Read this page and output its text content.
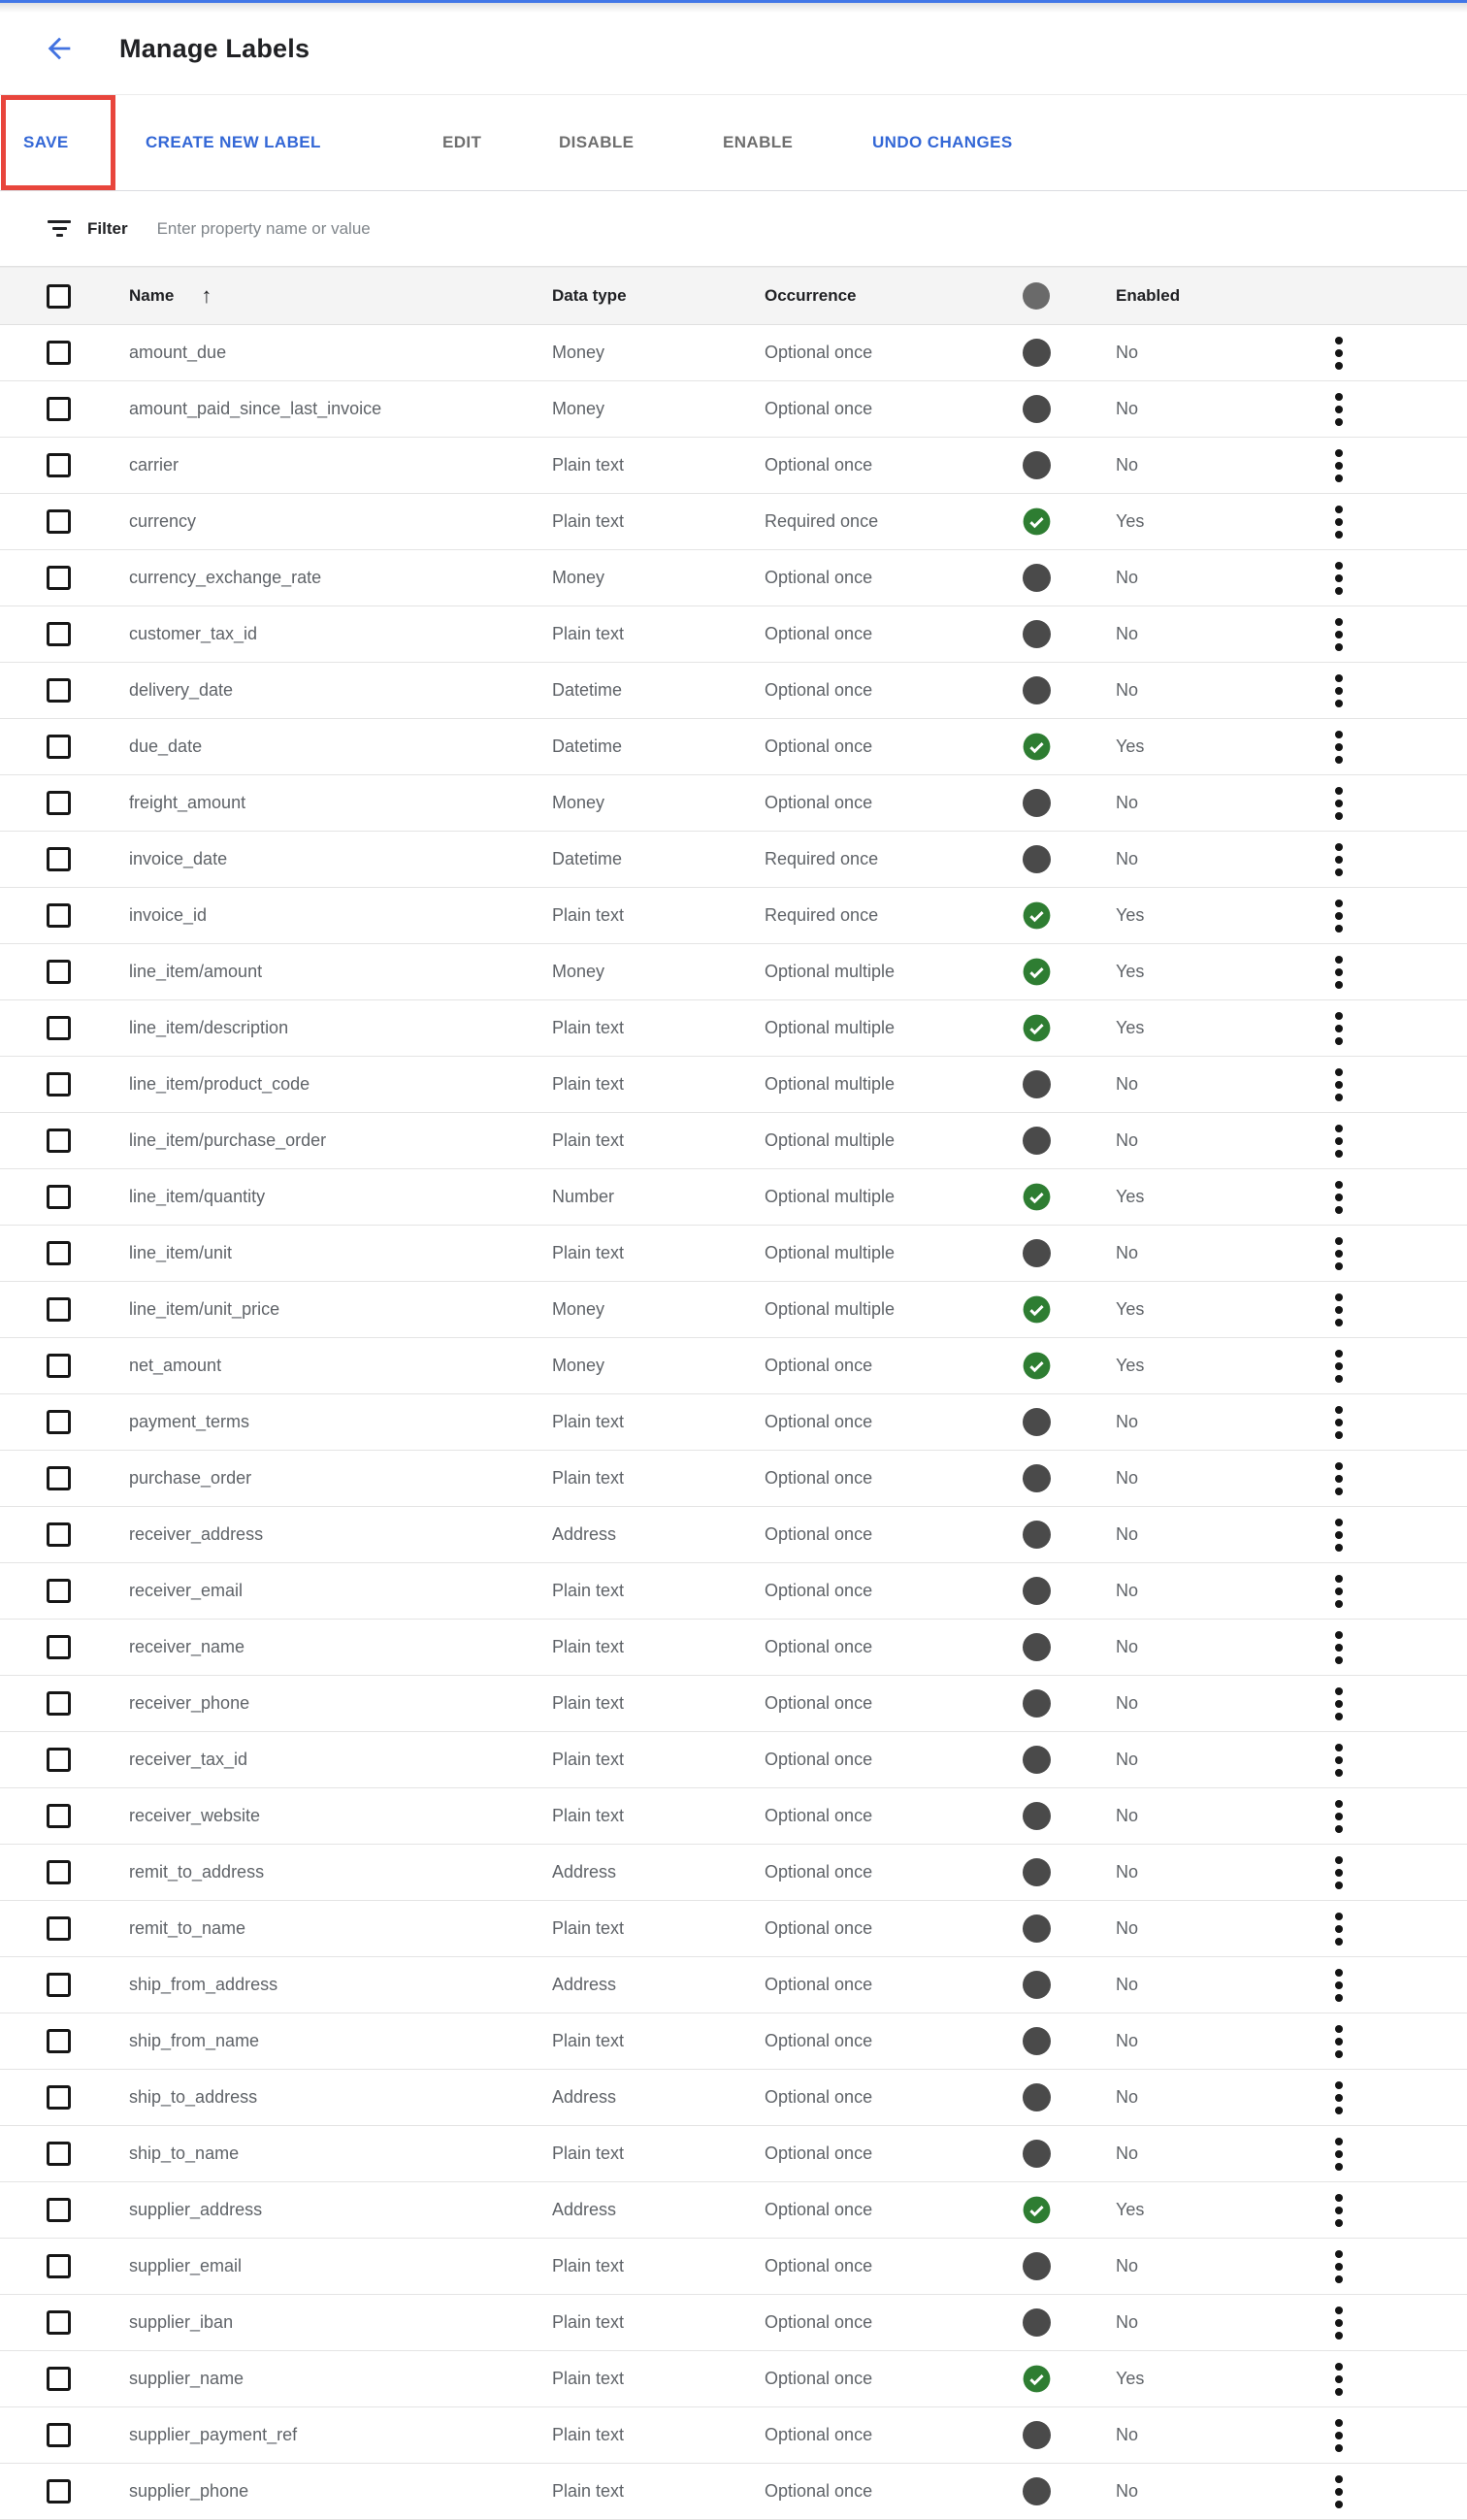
Manage Labels
SAVE	CREATE NEW LABEL	EDIT	DISABLE	ENABLE	UNDO CHANGES
Filter
Enter property name or value
Name ↑	Data type	Occurrence	Enabled
amount_due	Money	Optional once	No
amount_paid_since_last_invoice	Money	Optional once	No
carrier	Plain text	Optional once	No
currency	Plain text	Required once	Yes
currency_exchange_rate	Money	Optional once	No
customer_tax_id	Plain text	Optional once	No
delivery_date	Datetime	Optional once	No
due_date	Datetime	Optional once	Yes
freight_amount	Money	Optional once	No
invoice_date	Datetime	Required once	No
invoice_id	Plain text	Required once	Yes
line_item/amount	Money	Optional multiple	Yes
line_item/description	Plain text	Optional multiple	Yes
line_item/product_code	Plain text	Optional multiple	No
line_item/purchase_order	Plain text	Optional multiple	No
line_item/quantity	Number	Optional multiple	Yes
line_item/unit	Plain text	Optional multiple	No
line_item/unit_price	Money	Optional multiple	Yes
net_amount	Money	Optional once	Yes
payment_terms	Plain text	Optional once	No
purchase_order	Plain text	Optional once	No
receiver_address	Address	Optional once	No
receiver_email	Plain text	Optional once	No
receiver_name	Plain text	Optional once	No
receiver_phone	Plain text	Optional once	No
receiver_tax_id	Plain text	Optional once	No
receiver_website	Plain text	Optional once	No
remit_to_address	Address	Optional once	No
remit_to_name	Plain text	Optional once	No
ship_from_address	Address	Optional once	No
ship_from_name	Plain text	Optional once	No
ship_to_address	Address	Optional once	No
ship_to_name	Plain text	Optional once	No
supplier_address	Address	Optional once	Yes
supplier_email	Plain text	Optional once	No
supplier_iban	Plain text	Optional once	No
supplier_name	Plain text	Optional once	Yes
supplier_payment_ref	Plain text	Optional once	No
supplier_phone	Plain text	Optional once	No
